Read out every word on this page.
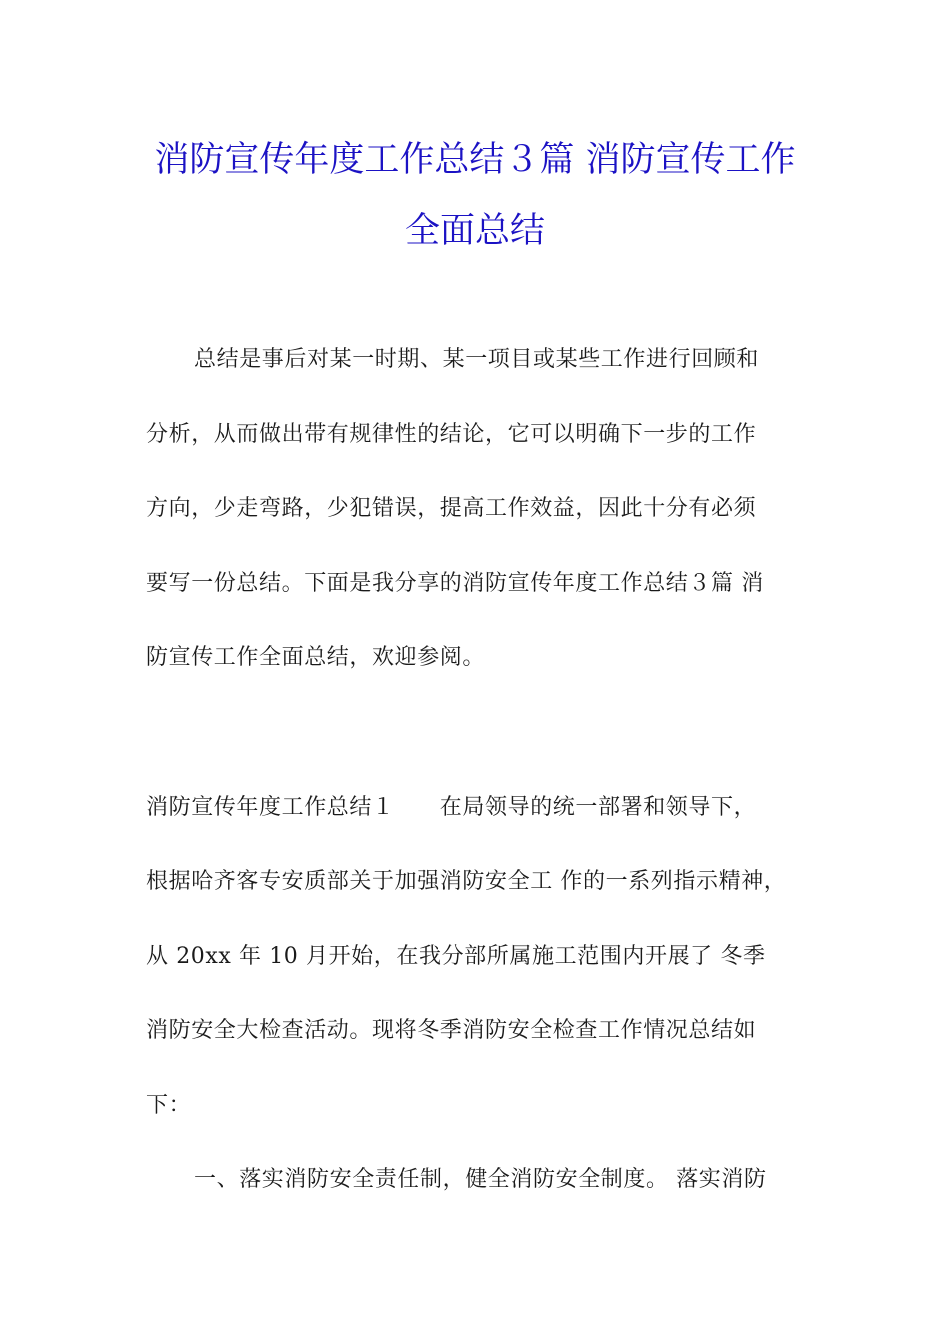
消防宣传年度工作总结３篇 消防宣传工作
全面总结
总结是事后对某一时期、某一项目或某些工作进行回顾和
分析，从而做出带有规律性的结论，它可以明确下一步的工作
方向，少走弯路，少犯错误，提高工作效益，因此十分有必须
要写一份总结。下面是我分享的消防宣传年度工作总结３篇 消
防宣传工作全面总结，欢迎参阅。
消防宣传年度工作总结１　　在局领导的统一部署和领导下，
根据哈齐客专安质部关于加强消防安全工 作的一系列指示精神，
从 20xx 年 10 月开始，在我分部所属施工范围内开展了 冬季
消防安全大检查活动。现将冬季消防安全检查工作情况总结如
下：
一、落实消防安全责任制，健全消防安全制度。 落实消防
